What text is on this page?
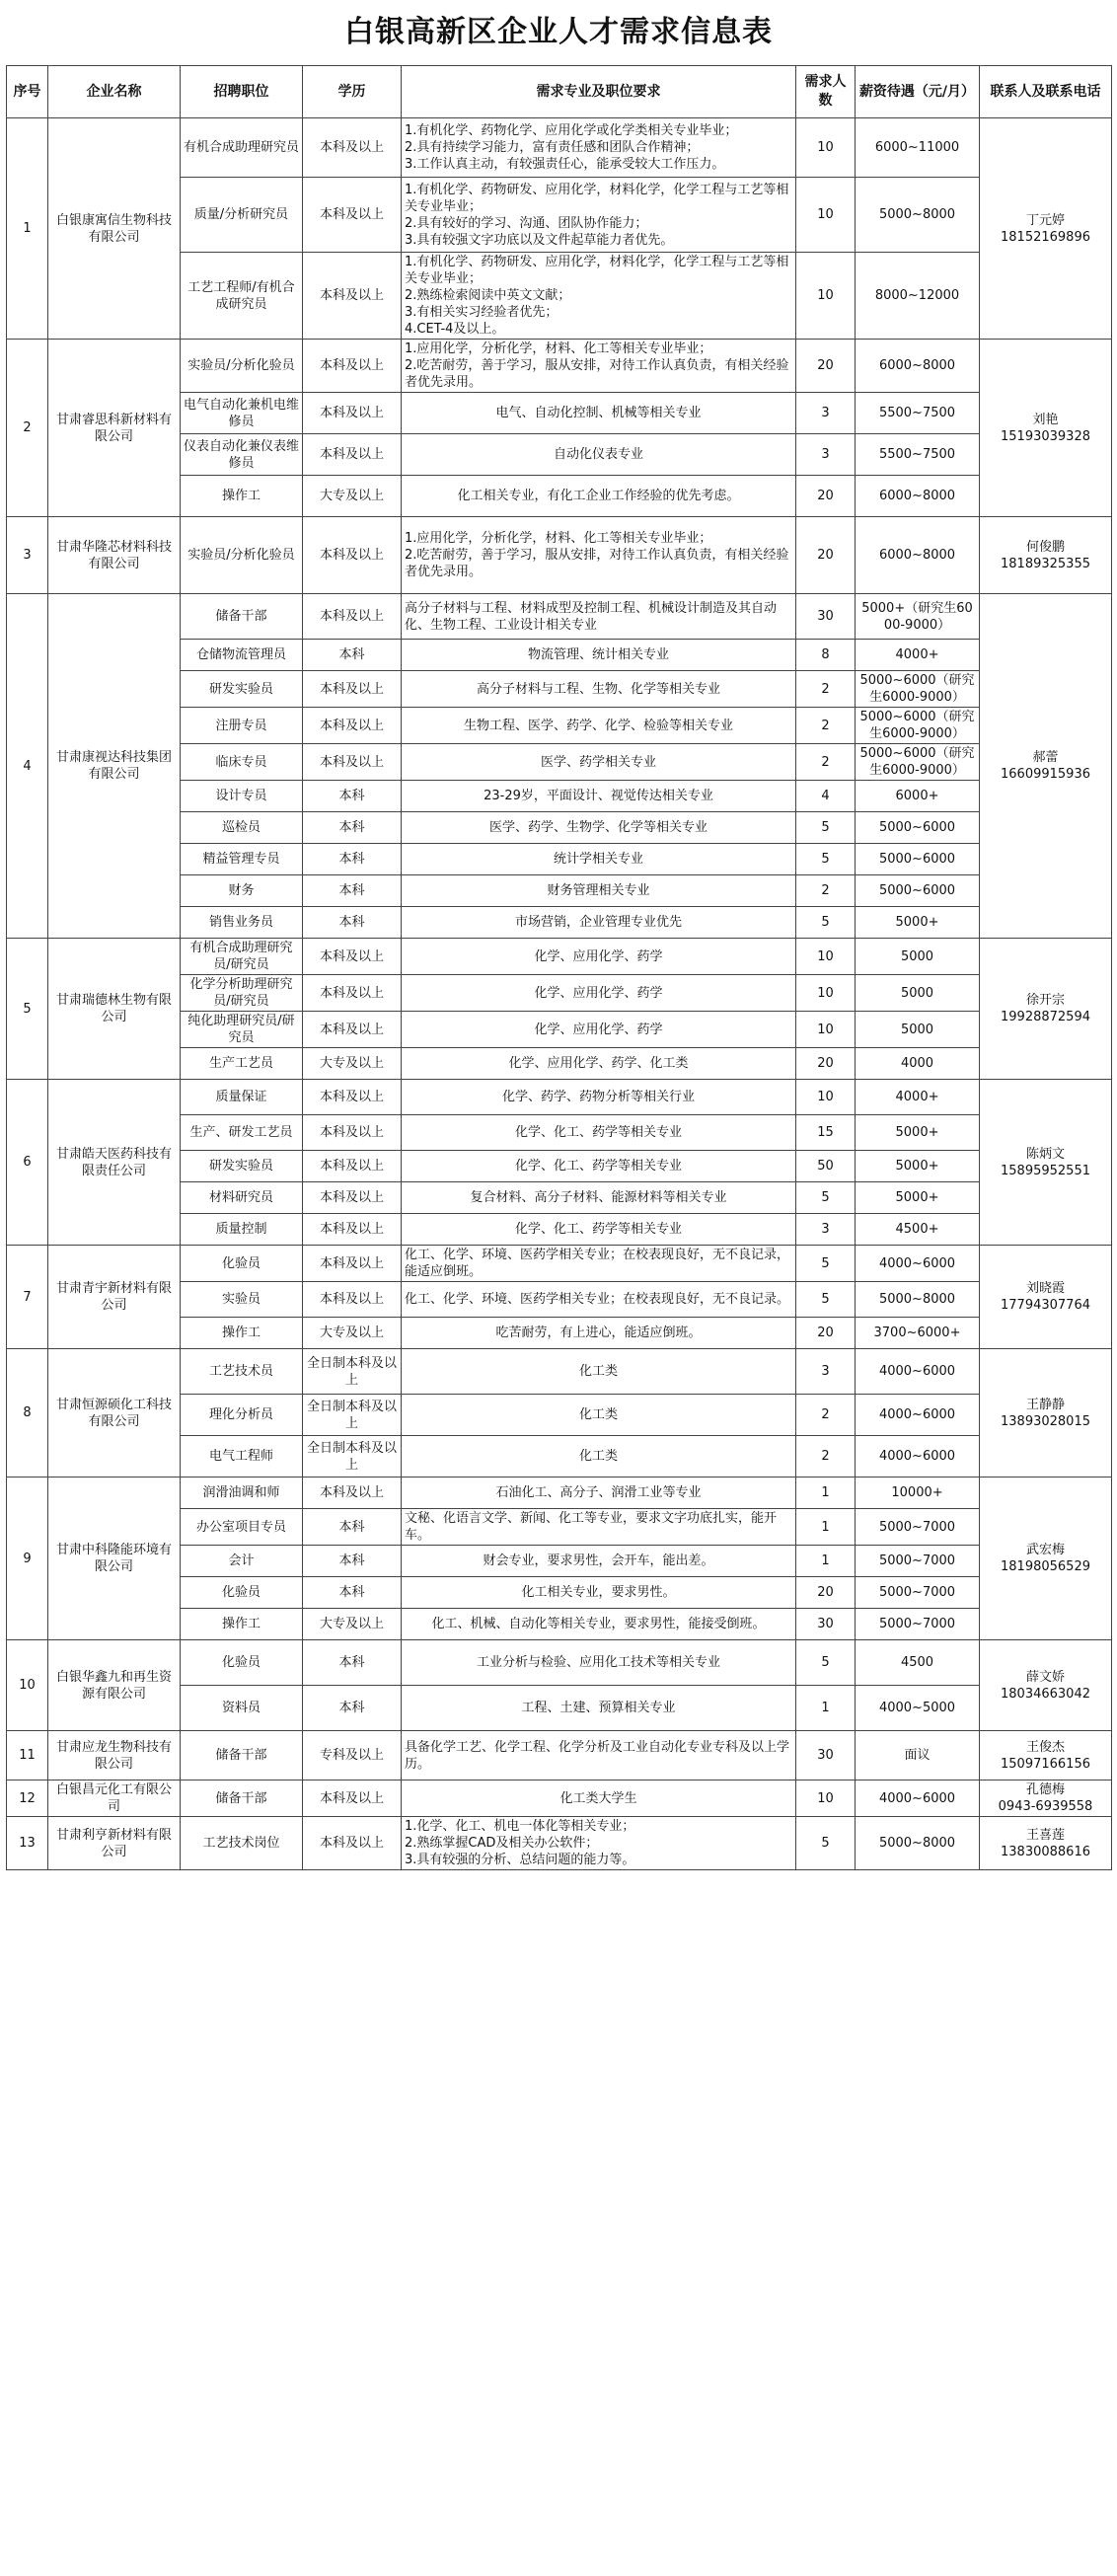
白银高新区企业人才需求信息表
序号	企业名称	招聘职位	学历	需求专业及职位要求	需求人数	薪资待遇（元/月）	联系人及联系电话
1	白银康寓信生物科技有限公司	有机合成助理研究员	本科及以上	1.有机化学、药物化学、应用化学或化学类相关专业毕业；
2.具有持续学习能力，富有责任感和团队合作精神；
3.工作认真主动，有较强责任心，能承受较大工作压力。	10	6000~11000	丁元婷
18152169896

		质量/分析研究员	本科及以上	1.有机化学、药物研发、应用化学，材料化学，化学工程与工艺等相关专业毕业；
2.具有较好的学习、沟通、团队协作能力；
3.具有较强文字功底以及文件起草能力者优先。	10	5000~8000	
		工艺工程师/有机合成研究员	本科及以上	1.有机化学、药物研发、应用化学，材料化学，化学工程与工艺等相关专业毕业；
2.熟练检索阅读中英文文献；
3.有相关实习经验者优先；
4.CET-4及以上。	10	8000~12000	
2	甘肃睿思科新材料有限公司	实验员/分析化验员	本科及以上	1.应用化学，分析化学，材料、化工等相关专业毕业；
2.吃苦耐劳，善于学习，服从安排，对待工作认真负责，有相关经验者优先录用。	20	6000~8000	刘艳
15193039328

		电气自动化兼机电维修员	本科及以上	电气、自动化控制、机械等相关专业	3	5500~7500	
		仪表自动化兼仪表维修员	本科及以上	自动化仪表专业	3	5500~7500	
		操作工	大专及以上	化工相关专业，有化工企业工作经验的优先考虑。	20	6000~8000	
3	甘肃华隆芯材料科技有限公司	实验员/分析化验员	本科及以上	1.应用化学，分析化学，材料、化工等相关专业毕业；
2.吃苦耐劳，善于学习，服从安排，对待工作认真负责，有相关经验者优先录用。	20	6000~8000	何俊鹏
18189325355

4	甘肃康视达科技集团有限公司	储备干部	本科及以上	高分子材料与工程、材料成型及控制工程、机械设计制造及其自动化、生物工程、工业设计相关专业	30	5000+（研究生6000-9000）	郝蕾
16609915936

		仓储物流管理员	本科	物流管理、统计相关专业	8	4000+	
		研发实验员	本科及以上	高分子材料与工程、生物、化学等相关专业	2	5000~6000（研究生6000-9000）	
		注册专员	本科及以上	生物工程、医学、药学、化学、检验等相关专业	2	5000~6000（研究生6000-9000）	
		临床专员	本科及以上	医学、药学相关专业	2	5000~6000（研究生6000-9000）	
		设计专员	本科	23-29岁，平面设计、视觉传达相关专业	4	6000+	
		巡检员	本科	医学、药学、生物学、化学等相关专业	5	5000~6000	
		精益管理专员	本科	统计学相关专业	5	5000~6000	
		财务	本科	财务管理相关专业	2	5000~6000	
		销售业务员	本科	市场营销，企业管理专业优先	5	5000+	
5	甘肃瑞德林生物有限公司	有机合成助理研究员/研究员	本科及以上	化学、应用化学、药学	10	5000	徐开宗
19928872594

		化学分析助理研究员/研究员	本科及以上	化学、应用化学、药学	10	5000	
		纯化助理研究员/研究员	本科及以上	化学、应用化学、药学	10	5000	
		生产工艺员	大专及以上	化学、应用化学、药学、化工类	20	4000	
6	甘肃皓天医药科技有限责任公司	质量保证	本科及以上	化学、药学、药物分析等相关行业	10	4000+	陈炳文
15895952551

		生产、研发工艺员	本科及以上	化学、化工、药学等相关专业	15	5000+	
		研发实验员	本科及以上	化学、化工、药学等相关专业	50	5000+	
		材料研究员	本科及以上	复合材料、高分子材料、能源材料等相关专业	5	5000+	
		质量控制	本科及以上	化学、化工、药学等相关专业	3	4500+	
7	甘肃青宇新材料有限公司	化验员	本科及以上	化工、化学、环境、医药学相关专业；在校表现良好，无不良记录，能适应倒班。	5	4000~6000	刘晓霞
17794307764

		实验员	本科及以上	化工、化学、环境、医药学相关专业；在校表现良好，无不良记录。	5	5000~8000	
		操作工	大专及以上	吃苦耐劳，有上进心，能适应倒班。	20	3700~6000+	
8	甘肃恒源硕化工科技有限公司	工艺技术员	全日制本科及以上	化工类	3	4000~6000	王静静
13893028015

		理化分析员	全日制本科及以上	化工类	2	4000~6000	
		电气工程师	全日制本科及以上	化工类	2	4000~6000	
9	甘肃中科隆能环境有限公司	润滑油调和师	本科及以上	石油化工、高分子、润滑工业等专业	1	10000+	武宏梅
18198056529

		办公室项目专员	本科	文秘、化语言文学、新闻、化工等专业，要求文字功底扎实，能开车。	1	5000~7000	
		会计	本科	财会专业，要求男性，会开车，能出差。	1	5000~7000	
		化验员	本科	化工相关专业，要求男性。	20	5000~7000	
		操作工	大专及以上	化工、机械、自动化等相关专业，要求男性，能接受倒班。	30	5000~7000	
10	白银华鑫九和再生资源有限公司	化验员	本科	工业分析与检验、应用化工技术等相关专业	5	4500	薛文娇
18034663042

		资料员	本科	工程、土建、预算相关专业	1	4000~5000	
11	甘肃应龙生物科技有限公司	储备干部	专科及以上	具备化学工艺、化学工程、化学分析及工业自动化专业专科及以上学历。	30	面议	王俊杰
15097166156

12	白银昌元化工有限公司	储备干部	本科及以上	化工类大学生	10	4000~6000	孔德梅
0943-6939558

13	甘肃利亨新材料有限公司	工艺技术岗位	本科及以上	1.化学、化工、机电一体化等相关专业；
2.熟练掌握CAD及相关办公软件；
3.具有较强的分析、总结问题的能力等。	5	5000~8000	王喜莲
13830088616
